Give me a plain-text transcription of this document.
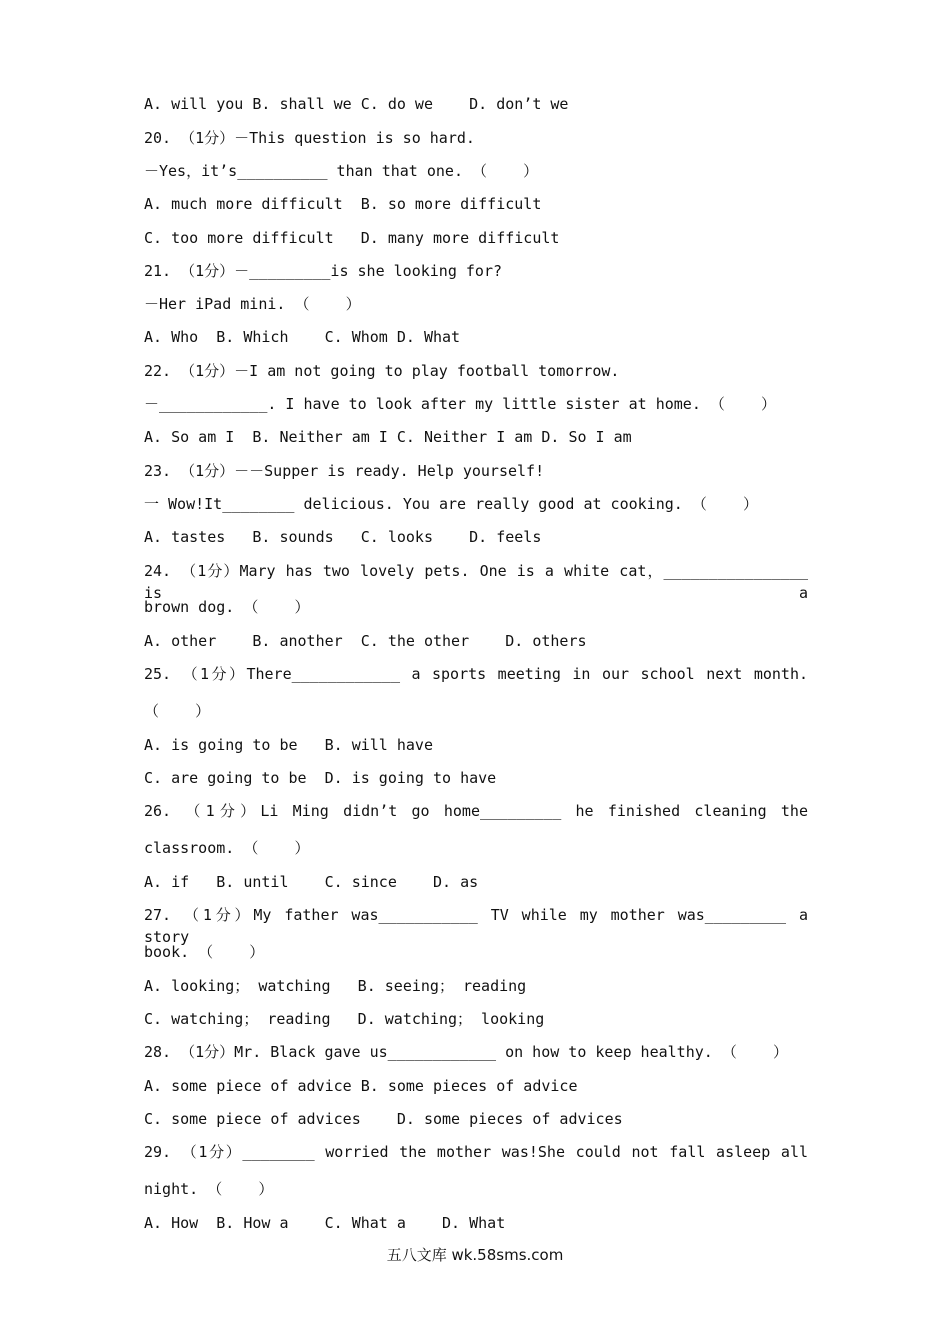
A. will you B. shall we C. do we    D. don’t we

20. （1分）－This question is so hard.

－Yes，it’s__________ than that one. （    ）

A. much more difficult  B. so more difficult

C. too more difficult   D. many more difficult

21. （1分）－_________is she looking for?

－Her iPad mini. （    ）

A. Who  B. Which    C. Whom D. What

22. （1分）－I am not going to play football tomorrow.

－____________. I have to look after my little sister at home. （    ）

A. So am I  B. Neither am I C. Neither I am D. So I am

23. （1分）－－Supper is ready. Help yourself!

一 Wow!It________ delicious. You are really good at cooking. （    ）

A. tastes   B. sounds   C. looks    D. feels

24. （1分）Mary has two lovely pets. One is a white cat，________________ is a

brown dog. （    ）

A. other    B. another  C. the other    D. others

25. （1分）There____________ a sports meeting in our school next month.

（    ）

A. is going to be   B. will have

C. are going to be  D. is going to have

26. （1分）Li Ming didn’t go home_________ he finished cleaning the

classroom. （    ）

A. if   B. until    C. since    D. as

27. （1分）My father was___________ TV while my mother was_________ a story

book. （    ）

A. looking； watching   B. seeing； reading

C. watching； reading   D. watching； looking

28. （1分）Mr. Black gave us____________ on how to keep healthy. （    ）

A. some piece of advice B. some pieces of advice

C. some piece of advices    D. some pieces of advices

29. （1分）________ worried the mother was!She could not fall asleep all

night. （    ）

A. How  B. How a    C. What a    D. What

五八文库 wk.58sms.com
